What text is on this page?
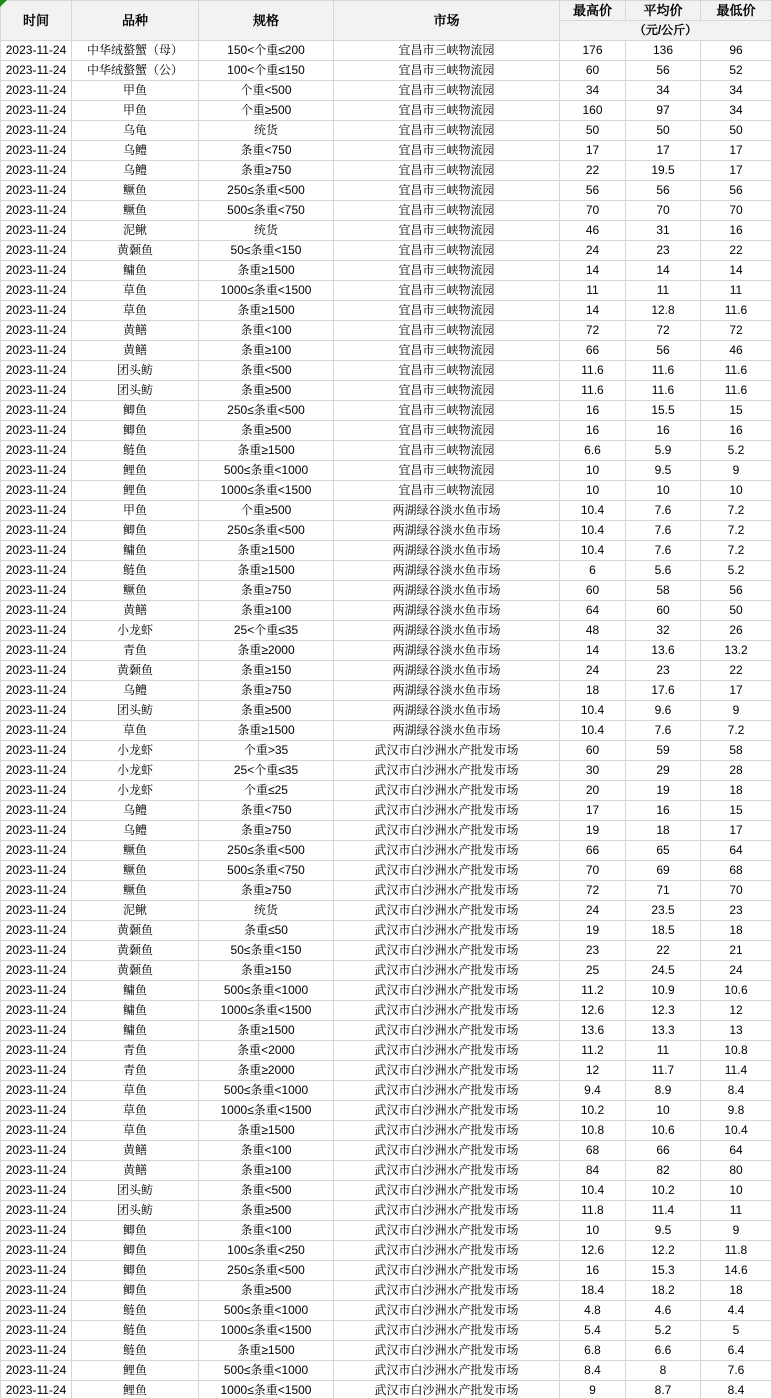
时间	品种	规格	市场	最高价	平均价	最低价
				（元/公斤）		
2023-11-24	中华绒螯蟹（母）	150<个重≤200	宜昌市三峡物流园	176	136	96
2023-11-24	中华绒螯蟹（公）	100<个重≤150	宜昌市三峡物流园	60	56	52
2023-11-24	甲鱼	个重<500	宜昌市三峡物流园	34	34	34
2023-11-24	甲鱼	个重≥500	宜昌市三峡物流园	160	97	34
2023-11-24	乌龟	统货	宜昌市三峡物流园	50	50	50
2023-11-24	乌鳢	条重<750	宜昌市三峡物流园	17	17	17
2023-11-24	乌鳢	条重≥750	宜昌市三峡物流园	22	19.5	17
2023-11-24	鳜鱼	250≤条重<500	宜昌市三峡物流园	56	56	56
2023-11-24	鳜鱼	500≤条重<750	宜昌市三峡物流园	70	70	70
2023-11-24	泥鳅	统货	宜昌市三峡物流园	46	31	16
2023-11-24	黄颡鱼	50≤条重<150	宜昌市三峡物流园	24	23	22
2023-11-24	鳙鱼	条重≥1500	宜昌市三峡物流园	14	14	14
2023-11-24	草鱼	1000≤条重<1500	宜昌市三峡物流园	11	11	11
2023-11-24	草鱼	条重≥1500	宜昌市三峡物流园	14	12.8	11.6
2023-11-24	黄鳝	条重<100	宜昌市三峡物流园	72	72	72
2023-11-24	黄鳝	条重≥100	宜昌市三峡物流园	66	56	46
2023-11-24	团头鲂	条重<500	宜昌市三峡物流园	11.6	11.6	11.6
2023-11-24	团头鲂	条重≥500	宜昌市三峡物流园	11.6	11.6	11.6
2023-11-24	鲫鱼	250≤条重<500	宜昌市三峡物流园	16	15.5	15
2023-11-24	鲫鱼	条重≥500	宜昌市三峡物流园	16	16	16
2023-11-24	鲢鱼	条重≥1500	宜昌市三峡物流园	6.6	5.9	5.2
2023-11-24	鲤鱼	500≤条重<1000	宜昌市三峡物流园	10	9.5	9
2023-11-24	鲤鱼	1000≤条重<1500	宜昌市三峡物流园	10	10	10
2023-11-24	甲鱼	个重≥500	两湖绿谷淡水鱼市场	10.4	7.6	7.2
2023-11-24	鲫鱼	250≤条重<500	两湖绿谷淡水鱼市场	10.4	7.6	7.2
2023-11-24	鳙鱼	条重≥1500	两湖绿谷淡水鱼市场	10.4	7.6	7.2
2023-11-24	鲢鱼	条重≥1500	两湖绿谷淡水鱼市场	6	5.6	5.2
2023-11-24	鳜鱼	条重≥750	两湖绿谷淡水鱼市场	60	58	56
2023-11-24	黄鳝	条重≥100	两湖绿谷淡水鱼市场	64	60	50
2023-11-24	小龙虾	25<个重≤35	两湖绿谷淡水鱼市场	48	32	26
2023-11-24	青鱼	条重≥2000	两湖绿谷淡水鱼市场	14	13.6	13.2
2023-11-24	黄颡鱼	条重≥150	两湖绿谷淡水鱼市场	24	23	22
2023-11-24	乌鳢	条重≥750	两湖绿谷淡水鱼市场	18	17.6	17
2023-11-24	团头鲂	条重≥500	两湖绿谷淡水鱼市场	10.4	9.6	9
2023-11-24	草鱼	条重≥1500	两湖绿谷淡水鱼市场	10.4	7.6	7.2
2023-11-24	小龙虾	个重>35	武汉市白沙洲水产批发市场	60	59	58
2023-11-24	小龙虾	25<个重≤35	武汉市白沙洲水产批发市场	30	29	28
2023-11-24	小龙虾	个重≤25	武汉市白沙洲水产批发市场	20	19	18
2023-11-24	乌鳢	条重<750	武汉市白沙洲水产批发市场	17	16	15
2023-11-24	乌鳢	条重≥750	武汉市白沙洲水产批发市场	19	18	17
2023-11-24	鳜鱼	250≤条重<500	武汉市白沙洲水产批发市场	66	65	64
2023-11-24	鳜鱼	500≤条重<750	武汉市白沙洲水产批发市场	70	69	68
2023-11-24	鳜鱼	条重≥750	武汉市白沙洲水产批发市场	72	71	70
2023-11-24	泥鳅	统货	武汉市白沙洲水产批发市场	24	23.5	23
2023-11-24	黄颡鱼	条重≤50	武汉市白沙洲水产批发市场	19	18.5	18
2023-11-24	黄颡鱼	50≤条重<150	武汉市白沙洲水产批发市场	23	22	21
2023-11-24	黄颡鱼	条重≥150	武汉市白沙洲水产批发市场	25	24.5	24
2023-11-24	鳙鱼	500≤条重<1000	武汉市白沙洲水产批发市场	11.2	10.9	10.6
2023-11-24	鳙鱼	1000≤条重<1500	武汉市白沙洲水产批发市场	12.6	12.3	12
2023-11-24	鳙鱼	条重≥1500	武汉市白沙洲水产批发市场	13.6	13.3	13
2023-11-24	青鱼	条重<2000	武汉市白沙洲水产批发市场	11.2	11	10.8
2023-11-24	青鱼	条重≥2000	武汉市白沙洲水产批发市场	12	11.7	11.4
2023-11-24	草鱼	500≤条重<1000	武汉市白沙洲水产批发市场	9.4	8.9	8.4
2023-11-24	草鱼	1000≤条重<1500	武汉市白沙洲水产批发市场	10.2	10	9.8
2023-11-24	草鱼	条重≥1500	武汉市白沙洲水产批发市场	10.8	10.6	10.4
2023-11-24	黄鳝	条重<100	武汉市白沙洲水产批发市场	68	66	64
2023-11-24	黄鳝	条重≥100	武汉市白沙洲水产批发市场	84	82	80
2023-11-24	团头鲂	条重<500	武汉市白沙洲水产批发市场	10.4	10.2	10
2023-11-24	团头鲂	条重≥500	武汉市白沙洲水产批发市场	11.8	11.4	11
2023-11-24	鲫鱼	条重<100	武汉市白沙洲水产批发市场	10	9.5	9
2023-11-24	鲫鱼	100≤条重<250	武汉市白沙洲水产批发市场	12.6	12.2	11.8
2023-11-24	鲫鱼	250≤条重<500	武汉市白沙洲水产批发市场	16	15.3	14.6
2023-11-24	鲫鱼	条重≥500	武汉市白沙洲水产批发市场	18.4	18.2	18
2023-11-24	鲢鱼	500≤条重<1000	武汉市白沙洲水产批发市场	4.8	4.6	4.4
2023-11-24	鲢鱼	1000≤条重<1500	武汉市白沙洲水产批发市场	5.4	5.2	5
2023-11-24	鲢鱼	条重≥1500	武汉市白沙洲水产批发市场	6.8	6.6	6.4
2023-11-24	鲤鱼	500≤条重<1000	武汉市白沙洲水产批发市场	8.4	8	7.6
2023-11-24	鲤鱼	1000≤条重<1500	武汉市白沙洲水产批发市场	9	8.7	8.4
